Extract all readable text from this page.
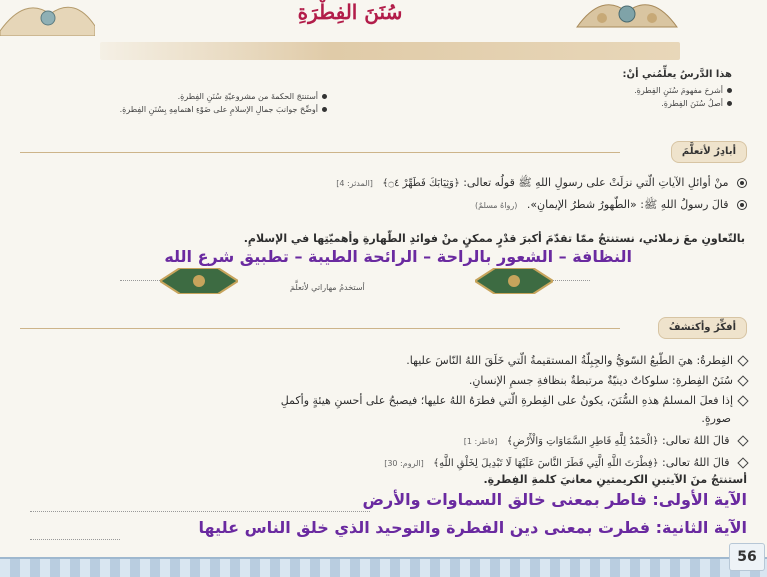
سُنَنَ الفِطْرَةِ
هذا الدَّرسُ يعلِّمُني أنْ:
أشرحَ مفهومَ سُنَنِ الفِطرةِ.
أصلُ سُنَنَ الفِطرةِ.
أستنتجَ الحكمةَ من مشروعيّةِ سُنَنِ الفِطرةِ.
أوضِّحَ جوانبَ جمالِ الإسلامِ على ضَوْءِ اهتمامِهِ بِسُنَنِ الفِطرةِ.
أبادِرُ لأتعلَّمَ
منْ أوائلِ الآياتِ الّتي نزلَتْ على رسولِ اللهِ ﷺ قولُه تعالى: ﴿وَثِيَابَكَ فَطَهِّرْ ۝٤﴾ [المدثر: 4]
قالَ رسولُ اللهِ ﷺ: «الطّهورُ شطرُ الإيمانِ». (رواهُ مسلمٌ)
بالتّعاونِ معَ زملائي، نستنتجُ ممّا تقدّمَ أكبرَ قدْرٍ ممكنٍ منْ فوائدِ الطّهارةِ وأهميّتِها في الإسلامِ.
النظافة – الشعور بالراحة – الرائحة الطيبة – تطبيق شرع الله
أستخدمُ مهاراتي لأتعلَّمَ
أفكِّرُ وأكتشفُ
الفِطرةُ: هيَ الطّبعُ السّويُّ والجِبِلّةُ المستقيمةُ الّتي خَلَقَ اللهُ النّاسَ عليها.
سُنَنُ الفِطرةِ: سلوكاتٌ دينيّةٌ مرتبطةٌ بنظافةِ جسمِ الإنسانِ.
إذا فعلَ المسلمُ هذهِ السُّنَنَ، يكونُ على الفِطرةِ الّتي فطرَهُ اللهُ عليها؛ فيصبحُ على أحسنِ هيئةٍ وأكملِ
صورةٍ.
قالَ اللهُ تعالى: ﴿الْحَمْدُ لِلَّهِ فَاطِرِ السَّمَاوَاتِ وَالْأَرْضِ﴾ [فاطر: 1]
قالَ اللهُ تعالى: ﴿فِطْرَتَ اللَّهِ الَّتِي فَطَرَ النَّاسَ عَلَيْهَا لَا تَبْدِيلَ لِخَلْقِ اللَّهِ﴾ [الروم: 30]
أستنتجُ منَ الآيتينِ الكريمتينِ معانيَ كلمةِ الفِطرةِ.
الآية الأولى: فاطر بمعنى خالق السماوات والأرض
الآية الثانية: فطرت بمعنى دين الفطرة والتوحيد الذي خلق الناس عليها
56
